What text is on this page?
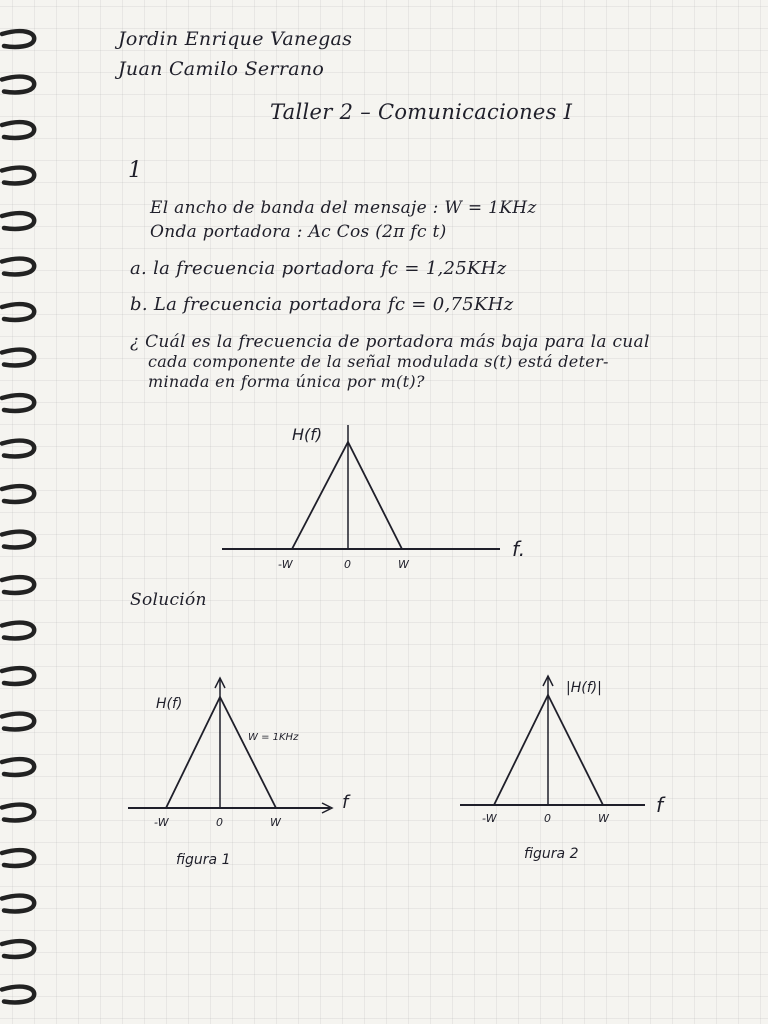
Jordin Enrique Vanegas
Juan Camilo Serrano
Taller 2 – Comunicaciones I
1
El ancho de banda del mensaje : W = 1KHz
Onda portadora : Ac Cos (2π fc t)
a. la frecuencia portadora fc = 1,25KHz
b. La frecuencia portadora fc = 0,75KHz
¿ Cuál es la frecuencia de portadora más baja para la cual
cada componente de la señal modulada s(t) está deter-
minada en forma única por m(t)?
H(f)
f.
-W	0	W
Solución
H(f)
W = 1KHz
f
-W	0	W
figura 1
|H(f)|
f
-W	0	W
figura 2
